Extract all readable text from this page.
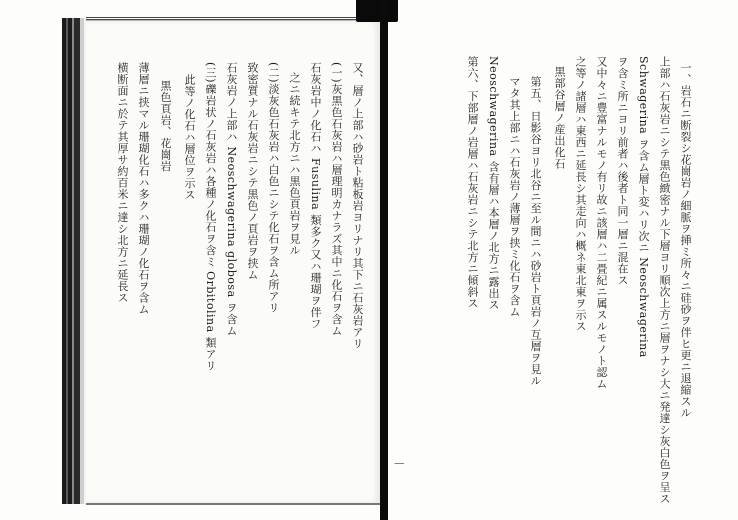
一、岩石ニ断裂シ花崗岩ノ細脈ヲ挿ミ所々ニ硅砂ヲ伴ヒ更ニ退縮スル
上部ハ石灰岩ニシテ黒色緻密ナル下層ヨリ順次上方ニ層ヲナシ大ニ発達シ灰白色ヲ呈ス
Schwagerina ヲ含ム層ト変ハリ次ニ Neoschwagerina
ヲ含ミ所ニヨリ前者ハ後者ト同一層ニ混在ス
又中々ニ豊富ナルモノ有リ故ニ該層ハ二畳紀ニ属スルモノト認ム
之等ノ諸層ハ東西ニ延長シ其走向ハ概ネ東北東ヲ示ス
黒部谷層ノ産出化石
第五、日影谷ヨリ北谷ニ至ル間ニハ砂岩ト頁岩ノ互層ヲ見ル
マタ其上部ニハ石灰岩ノ薄層ヲ挟ミ化石ヲ含ム
Neoschwagerina 含有層ハ本層ノ北方ニ露出ス
第六、下部層ノ岩層ハ石灰岩ニシテ北方ニ傾斜ス
|
又、層ノ上部ハ砂岩ト粘板岩ヨリナリ其下ニ石灰岩アリ
(一)灰黒色石灰岩ハ層理明カナラズ其中ニ化石ヲ含ム
石灰岩中ノ化石ハ Fusulina 類多ク又ハ珊瑚ヲ伴フ
之ニ続キテ北方ニハ黒色頁岩ヲ見ル
(二)淡灰色石灰岩ハ白色ニシテ化石ヲ含ム所アリ
致密質ナル石灰岩ニシテ黒色ノ頁岩ヲ挟ム
石灰岩ノ上部ハ Neoschwagerina globosa ヲ含ム
(三)礫岩状ノ石灰岩ハ各種ノ化石ヲ含ミ Orbitolina 類アリ
此等ノ化石ハ層位ヲ示ス
黒色頁岩、花崗岩
薄層ニ挟マル珊瑚化石ハ多クハ珊瑚ノ化石ヲ含ム
横断面ニ於テ其厚サ約百米ニ達シ北方ニ延長ス
